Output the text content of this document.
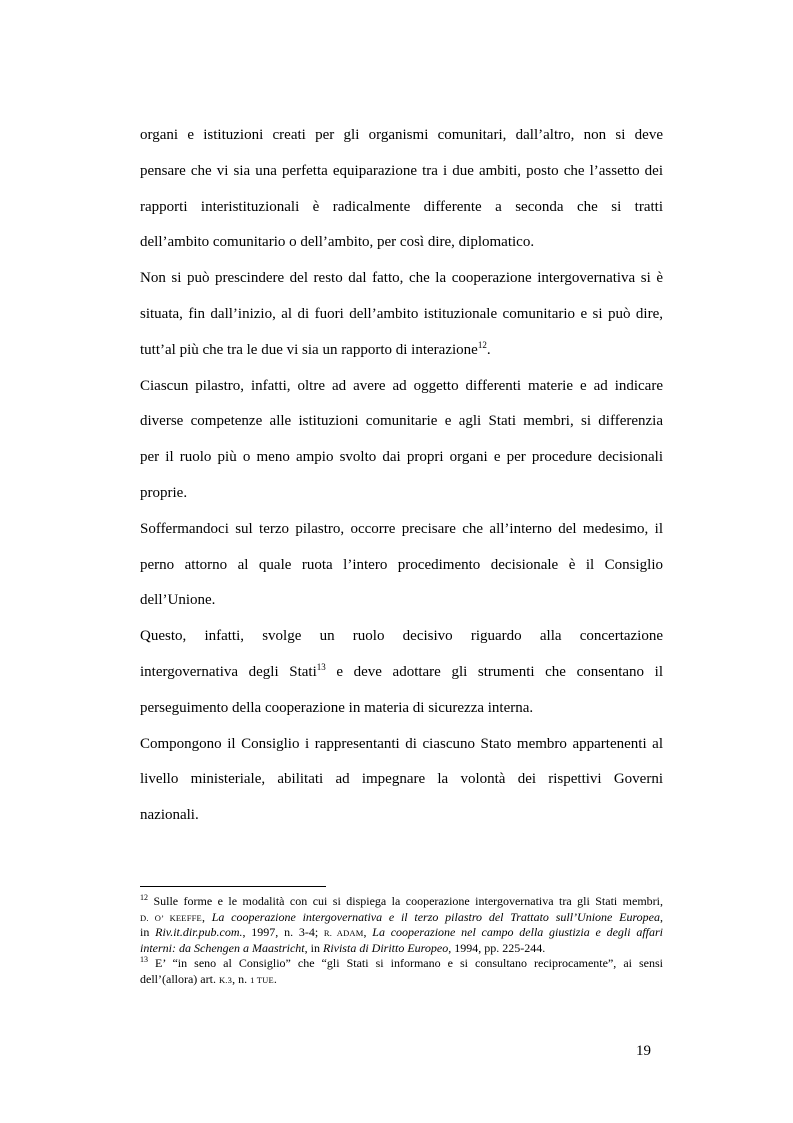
organi e istituzioni creati per gli organismi comunitari, dall’altro, non si deve
pensare che vi sia una perfetta equiparazione tra i due ambiti, posto che l’assetto dei
rapporti interistituzionali è radicalmente differente a seconda che si tratti
dell’ambito comunitario o dell’ambito, per così dire, diplomatico.
Non si può prescindere del resto dal fatto, che la cooperazione intergovernativa si è
situata, fin dall’inizio, al di fuori dell’ambito istituzionale comunitario e si può dire,
tutt’al più che tra le due vi sia un rapporto di interazione$^{12}$.
Ciascun pilastro, infatti, oltre ad avere ad oggetto differenti materie e ad indicare
diverse competenze alle istituzioni comunitarie e agli Stati membri, si differenzia
per il ruolo più o meno ampio svolto dai propri organi e per procedure decisionali
proprie.
Soffermandoci sul terzo pilastro, occorre precisare che all’interno del medesimo, il
perno attorno al quale ruota l’intero procedimento decisionale è il Consiglio
dell’Unione.
Questo, infatti, svolge un ruolo decisivo riguardo alla concertazione
intergovernativa degli Stati$^{13}$ e deve adottare gli strumenti che consentano il
perseguimento della cooperazione in materia di sicurezza interna.
Compongono il Consiglio i rappresentanti di ciascuno Stato membro appartenenti al
livello ministeriale, abilitati ad impegnare la volontà dei rispettivi Governi
nazionali.
$^{12}$ Sulle forme e le modalità con cui si dispiega la cooperazione intergovernativa tra gli Stati membri,
D. O’ KEEFFE, La cooperazione intergovernativa e il terzo pilastro del Trattato sull’Unione Europea,
in Riv.it.dir.pub.com., 1997, n. 3-4; R. ADAM, La cooperazione nel campo della giustizia e degli affari
interni: da Schengen a Maastricht, in Rivista di Diritto Europeo, 1994, pp. 225-244.
$^{13}$ E’ “in seno al Consiglio” che “gli Stati si informano e si consultano reciprocamente”, ai sensi
dell’(allora) art. K.3, n. 1 TUE.
19
